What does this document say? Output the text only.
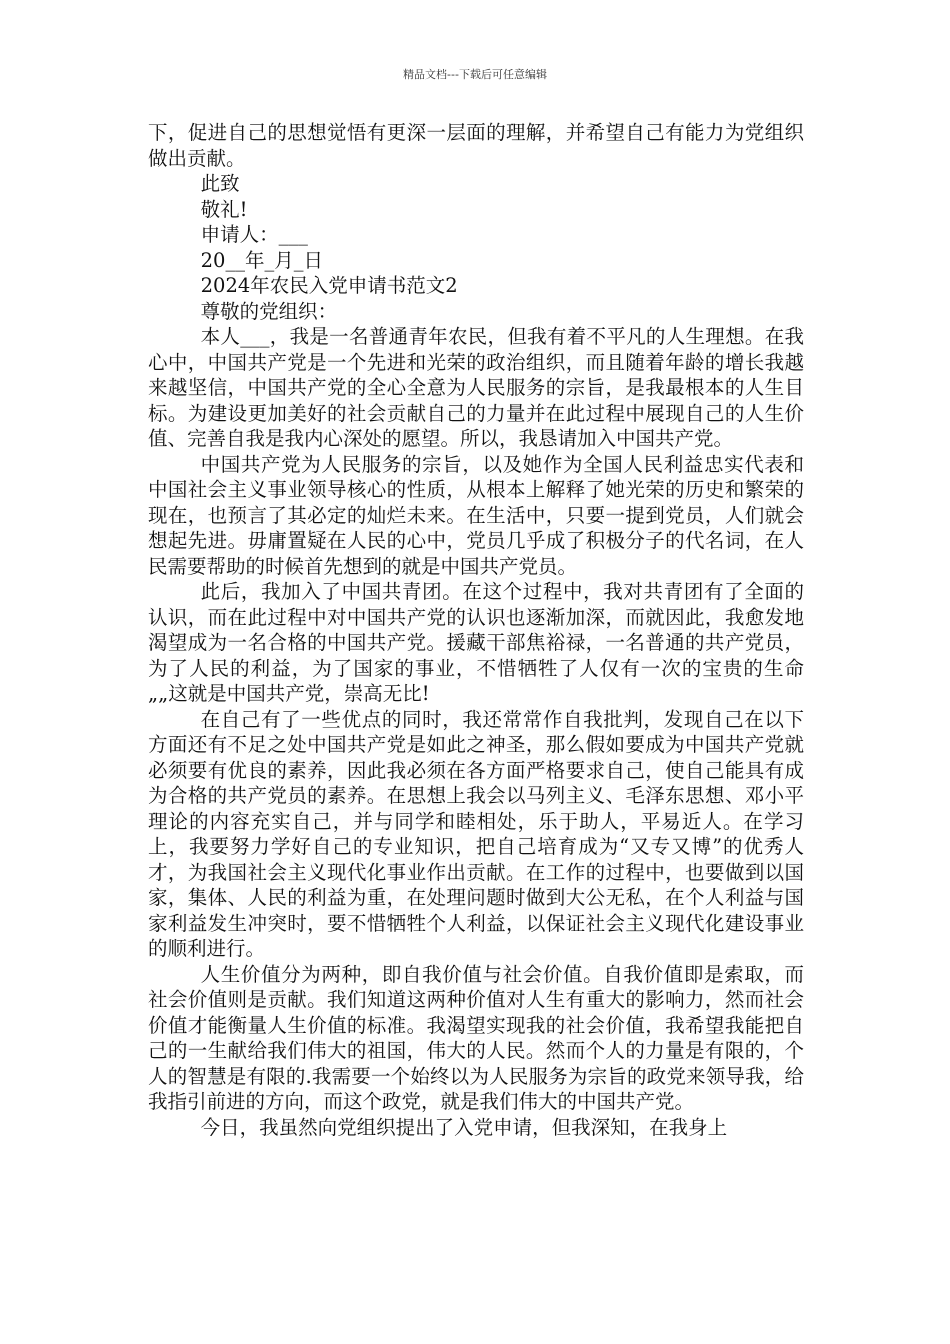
精品文档---下载后可任意编辑

下，促进自己的思想觉悟有更深一层面的理解，并希望自己有能力为党组织做出贡献。

此致

敬礼!

申请人：___

20__年_月_日

2024年农民入党申请书范文2

尊敬的党组织：

本人___，我是一名普通青年农民，但我有着不平凡的人生理想。在我心中，中国共产党是一个先进和光荣的政治组织，而且随着年龄的增长我越来越坚信，中国共产党的全心全意为人民服务的宗旨，是我最根本的人生目标。为建设更加美好的社会贡献自己的力量并在此过程中展现自己的人生价值、完善自我是我内心深处的愿望。所以，我恳请加入中国共产党。

中国共产党为人民服务的宗旨，以及她作为全国人民利益忠实代表和中国社会主义事业领导核心的性质，从根本上解释了她光荣的历史和繁荣的现在，也预言了其必定的灿烂未来。在生活中，只要一提到党员，人们就会想起先进。毋庸置疑在人民的心中，党员几乎成了积极分子的代名词，在人民需要帮助的时候首先想到的就是中国共产党员。

此后，我加入了中国共青团。在这个过程中，我对共青团有了全面的认识，而在此过程中对中国共产党的认识也逐渐加深，而就因此，我愈发地渴望成为一名合格的中国共产党。援藏干部焦裕禄，一名普通的共产党员，为了人民的利益，为了国家的事业，不惜牺牲了人仅有一次的宝贵的生命„„这就是中国共产党，崇高无比!

在自己有了一些优点的同时，我还常常作自我批判，发现自己在以下方面还有不足之处中国共产党是如此之神圣，那么假如要成为中国共产党就必须要有优良的素养，因此我必须在各方面严格要求自己，使自己能具有成为合格的共产党员的素养。在思想上我会以马列主义、毛泽东思想、邓小平理论的内容充实自己，并与同学和睦相处，乐于助人，平易近人。在学习上，我要努力学好自己的专业知识，把自己培育成为“又专又博”的优秀人才，为我国社会主义现代化事业作出贡献。在工作的过程中，也要做到以国家，集体、人民的利益为重，在处理问题时做到大公无私，在个人利益与国家利益发生冲突时，要不惜牺牲个人利益，以保证社会主义现代化建设事业的顺利进行。

人生价值分为两种，即自我价值与社会价值。自我价值即是索取，而社会价值则是贡献。我们知道这两种价值对人生有重大的影响力，然而社会价值才能衡量人生价值的标准。我渴望实现我的社会价值，我希望我能把自己的一生献给我们伟大的祖国，伟大的人民。然而个人的力量是有限的，个人的智慧是有限的.我需要一个始终以为人民服务为宗旨的政党来领导我，给我指引前进的方向，而这个政党，就是我们伟大的中国共产党。

今日，我虽然向党组织提出了入党申请，但我深知，在我身上
